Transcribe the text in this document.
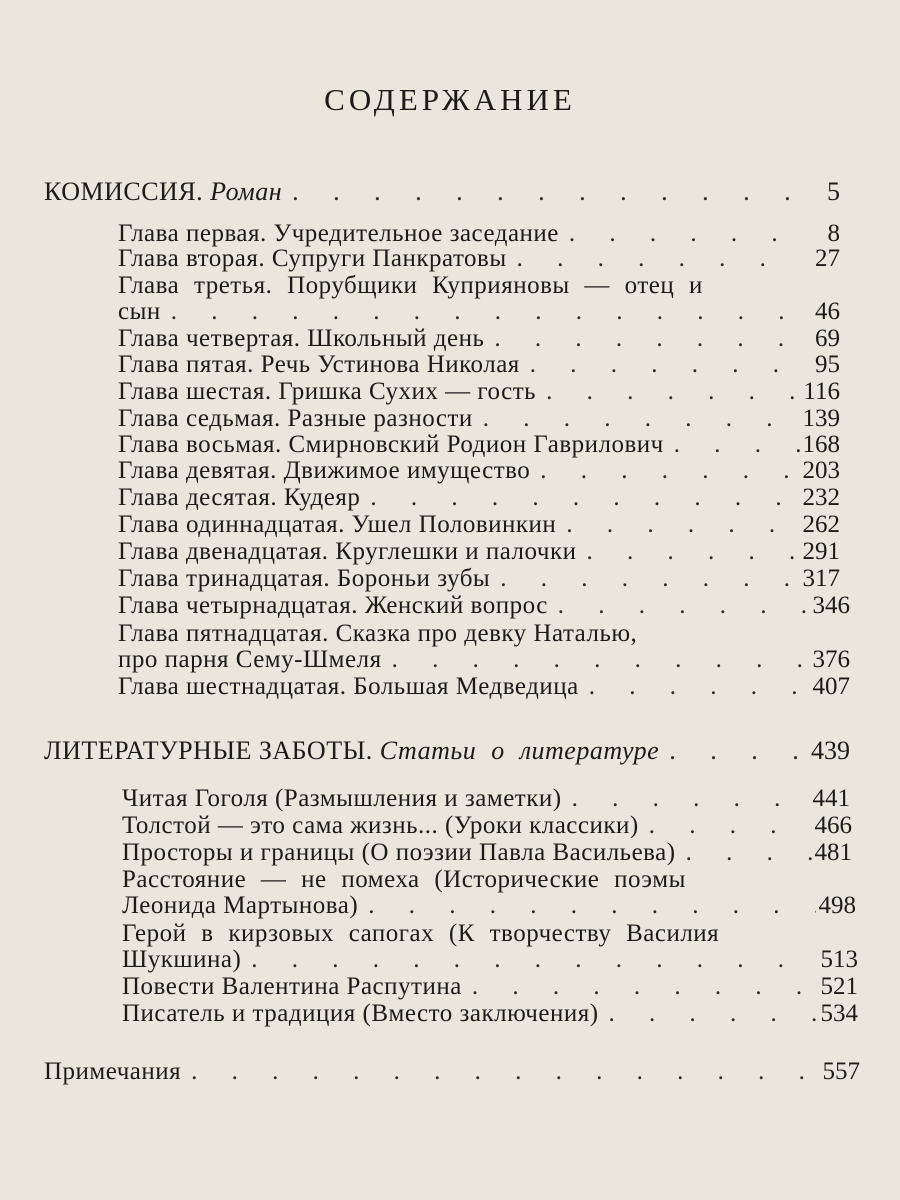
СОДЕРЖАНИЕ
КОМИССИЯ. Роман . . .	5
Глава первая. Учредительное заседание . . .	8
Глава вторая. Супруги Панкратовы . . .	27
Глава третья. Порубщики Куприяновы — отец и
сын . . .	46
Глава четвертая. Школьный день . . .	69
Глава пятая. Речь Устинова Николая . . .	95
Глава шестая. Гришка Сухих — гость . . .	116
Глава седьмая. Разные разности . . .	139
Глава восьмая. Смирновский Родион Гаврилович . . .	168
Глава девятая. Движимое имущество . . .	203
Глава десятая. Кудеяр . . .	232
Глава одиннадцатая. Ушел Половинкин . . .	262
Глава двенадцатая. Круглешки и палочки . . .	291
Глава тринадцатая. Бороньи зубы . . .	317
Глава четырнадцатая. Женский вопрос . . .	346
Глава пятнадцатая. Сказка про девку Наталью,
про парня Сему-Шмеля . . .	376
Глава шестнадцатая. Большая Медведица . . .	407
ЛИТЕРАТУРНЫЕ ЗАБОТЫ. Статьи о литературе . . .	439
Читая Гоголя (Размышления и заметки) . . .	441
Толстой — это сама жизнь... (Уроки классики) . . .	466
Просторы и границы (О поэзии Павла Васильева) . . .	481
Расстояние — не помеха (Исторические поэмы
Леонида Мартынова) . . .	498
Герой в кирзовых сапогах (К творчеству Василия
Шукшина) . . .	513
Повести Валентина Распутина . . .	521
Писатель и традиция (Вместо заключения) . . .	534
Примечания . . .	557
